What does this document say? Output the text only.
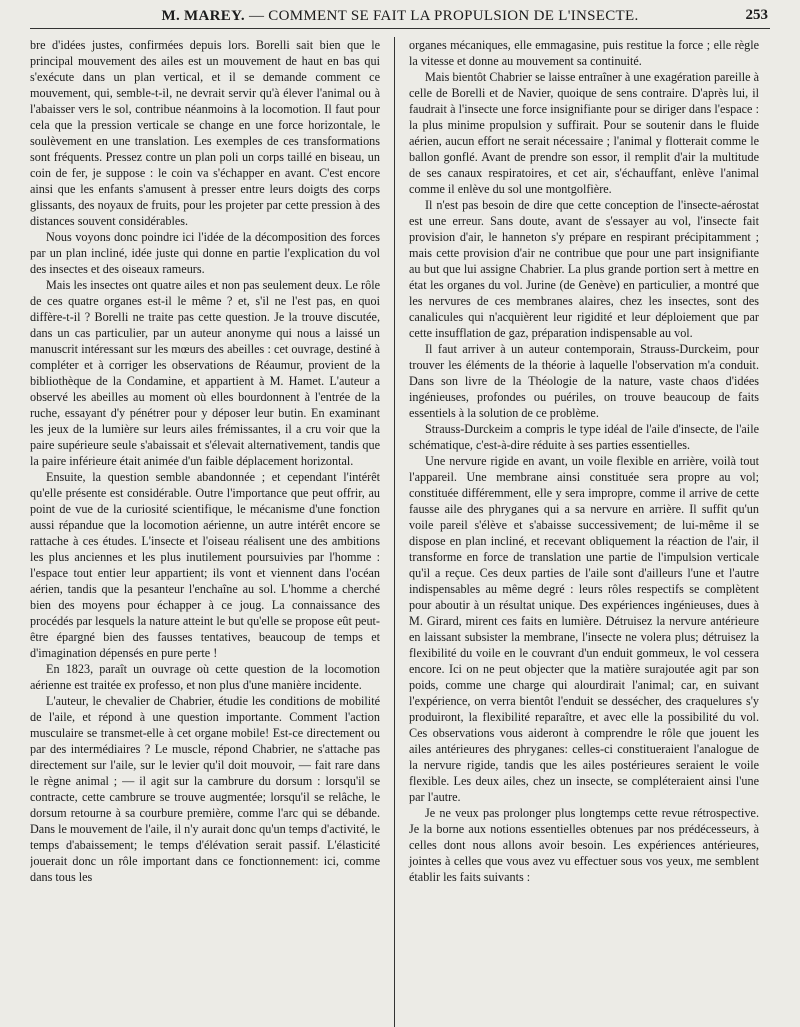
M. MAREY. — COMMENT SE FAIT LA PROPULSION DE L'INSECTE.	253

bre d'idées justes, confirmées depuis lors. Borelli sait bien que le principal mouvement des ailes est un mouvement de haut en bas qui s'exécute dans un plan vertical, et il se demande comment ce mouvement, qui, semble-t-il, ne devrait servir qu'à élever l'animal ou à l'abaisser vers le sol, contribue néanmoins à la locomotion. Il faut pour cela que la pression verticale se change en une force horizontale, le soulèvement en une translation. Les exemples de ces transformations sont fréquents. Pressez contre un plan poli un corps taillé en biseau, un coin de fer, je suppose : le coin va s'échapper en avant. C'est encore ainsi que les enfants s'amusent à presser entre leurs doigts des corps glissants, des noyaux de fruits, pour les projeter par cette pression à des distances souvent considérables.

Nous voyons donc poindre ici l'idée de la décomposition des forces par un plan incliné, idée juste qui donne en partie l'explication du vol des insectes et des oiseaux rameurs.

Mais les insectes ont quatre ailes et non pas seulement deux. Le rôle de ces quatre organes est-il le même ? et, s'il ne l'est pas, en quoi diffère-t-il ? Borelli ne traite pas cette question. Je la trouve discutée, dans un cas particulier, par un auteur anonyme qui nous a laissé un manuscrit intéressant sur les mœurs des abeilles : cet ouvrage, destiné à compléter et à corriger les observations de Réaumur, provient de la bibliothèque de la Condamine, et appartient à M. Hamet. L'auteur a observé les abeilles au moment où elles bourdonnent à l'entrée de la ruche, essayant d'y pénétrer pour y déposer leur butin. En examinant les jeux de la lumière sur leurs ailes frémissantes, il a cru voir que la paire supérieure seule s'abaissait et s'élevait alternativement, tandis que la paire inférieure était animée d'un faible déplacement horizontal.

Ensuite, la question semble abandonnée ; et cependant l'intérêt qu'elle présente est considérable. Outre l'importance que peut offrir, au point de vue de la curiosité scientifique, le mécanisme d'une fonction aussi répandue que la locomotion aérienne, un autre intérêt encore se rattache à ces études. L'insecte et l'oiseau réalisent une des ambitions les plus anciennes et les plus inutilement poursuivies par l'homme : l'espace tout entier leur appartient; ils vont et viennent dans l'océan aérien, tandis que la pesanteur l'enchaîne au sol. L'homme a cherché bien des moyens pour échapper à ce joug. La connaissance des procédés par lesquels la nature atteint le but qu'elle se propose eût peut-être épargné bien des fausses tentatives, beaucoup de temps et d'imagination dépensés en pure perte !

En 1823, paraît un ouvrage où cette question de la locomotion aérienne est traitée ex professo, et non plus d'une manière incidente.

L'auteur, le chevalier de Chabrier, étudie les conditions de mobilité de l'aile, et répond à une question importante. Comment l'action musculaire se transmet-elle à cet organe mobile! Est-ce directement ou par des intermédiaires ? Le muscle, répond Chabrier, ne s'attache pas directement sur l'aile, sur le levier qu'il doit mouvoir, — fait rare dans le règne animal ; — il agit sur la cambrure du dorsum : lorsqu'il se contracte, cette cambrure se trouve augmentée; lorsqu'il se relâche, le dorsum retourne à sa courbure première, comme l'arc qui se débande. Dans le mouvement de l'aile, il n'y aurait donc qu'un temps d'activité, le temps d'abaissement; le temps d'élévation serait passif. L'élasticité jouerait donc un rôle important dans ce fonctionnement: ici, comme dans tous les

organes mécaniques, elle emmagasine, puis restitue la force ; elle règle la vitesse et donne au mouvement sa continuité.

Mais bientôt Chabrier se laisse entraîner à une exagération pareille à celle de Borelli et de Navier, quoique de sens contraire. D'après lui, il faudrait à l'insecte une force insignifiante pour se diriger dans l'espace : la plus minime propulsion y suffirait. Pour se soutenir dans le fluide aérien, aucun effort ne serait nécessaire ; l'animal y flotterait comme le ballon gonflé. Avant de prendre son essor, il remplit d'air la multitude de ses canaux respiratoires, et cet air, s'échauffant, enlève l'animal comme il enlève du sol une montgolfière.

Il n'est pas besoin de dire que cette conception de l'insecte-aérostat est une erreur. Sans doute, avant de s'essayer au vol, l'insecte fait provision d'air, le hanneton s'y prépare en respirant précipitamment ; mais cette provision d'air ne contribue que pour une part insignifiante au but que lui assigne Chabrier. La plus grande portion sert à mettre en état les organes du vol. Jurine (de Genève) en particulier, a montré que les nervures de ces membranes alaires, chez les insectes, sont des canalicules qui n'acquièrent leur rigidité et leur déploiement que par cette insufflation de gaz, préparation indispensable au vol.

Il faut arriver à un auteur contemporain, Strauss-Durckeim, pour trouver les éléments de la théorie à laquelle l'observation m'a conduit. Dans son livre de la Théologie de la nature, vaste chaos d'idées ingénieuses, profondes ou puériles, on trouve beaucoup de faits essentiels à la solution de ce problème.

Strauss-Durckeim a compris le type idéal de l'aile d'insecte, de l'aile schématique, c'est-à-dire réduite à ses parties essentielles.

Une nervure rigide en avant, un voile flexible en arrière, voilà tout l'appareil. Une membrane ainsi constituée sera propre au vol; constituée différemment, elle y sera impropre, comme il arrive de cette fausse aile des phryganes qui a sa nervure en arrière. Il suffit qu'un voile pareil s'élève et s'abaisse successivement; de lui-même il se dispose en plan incliné, et recevant obliquement la réaction de l'air, il transforme en force de translation une partie de l'impulsion verticale qu'il a reçue. Ces deux parties de l'aile sont d'ailleurs l'une et l'autre indispensables au même degré : leurs rôles respectifs se complètent pour aboutir à un résultat unique. Des expériences ingénieuses, dues à M. Girard, mirent ces faits en lumière. Détruisez la nervure antérieure en laissant subsister la membrane, l'insecte ne volera plus; détruisez la flexibilité du voile en le couvrant d'un enduit gommeux, le vol cessera encore. Ici on ne peut objecter que la matière surajoutée agit par son poids, comme une charge qui alourdirait l'animal; car, en suivant l'expérience, on verra bientôt l'enduit se dessécher, des craquelures s'y produiront, la flexibilité reparaître, et avec elle la possibilité du vol. Ces observations vous aideront à comprendre le rôle que jouent les ailes antérieures des phryganes: celles-ci constitueraient l'analogue de la nervure rigide, tandis que les ailes postérieures seraient le voile flexible. Les deux ailes, chez un insecte, se compléteraient ainsi l'une par l'autre.

Je ne veux pas prolonger plus longtemps cette revue rétrospective. Je la borne aux notions essentielles obtenues par nos prédécesseurs, à celles dont nous allons avoir besoin. Les expériences antérieures, jointes à celles que vous avez vu effectuer sous vos yeux, me semblent établir les faits suivants :
